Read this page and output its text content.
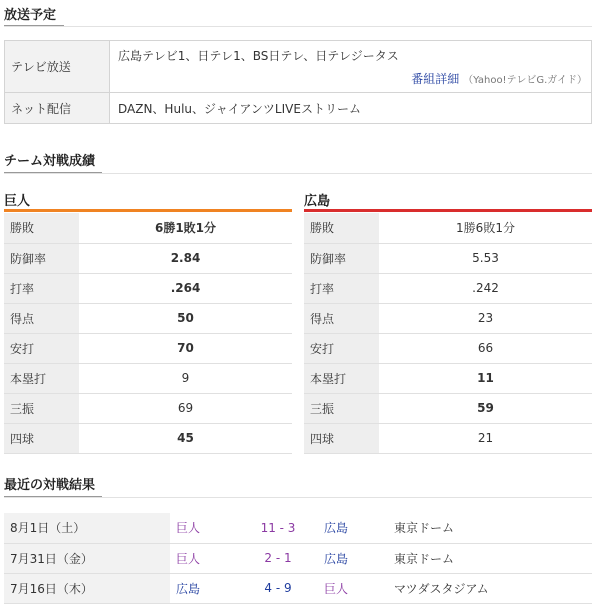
放送予定
テレビ放送	広島テレビ1、日テレ1、BS日テレ、日テレジータス
番組詳細 （Yahoo!テレビG.ガイド）

ネット配信	DAZN、Hulu、ジャイアンツLIVEストリーム
チーム対戦成績
巨人
勝敗	6勝1敗1分
防御率	2.84
打率	.264
得点	50
安打	70
本塁打	9
三振	69
四球	45
広島
勝敗	1勝6敗1分
防御率	5.53
打率	.242
得点	23
安打	66
本塁打	11
三振	59
四球	21
最近の対戦結果
8月1日（土）	巨人	11 - 3	広島	東京ドーム
7月31日（金）	巨人	2 - 1	広島	東京ドーム
7月16日（木）	広島	4 - 9	巨人	マツダスタジアム
